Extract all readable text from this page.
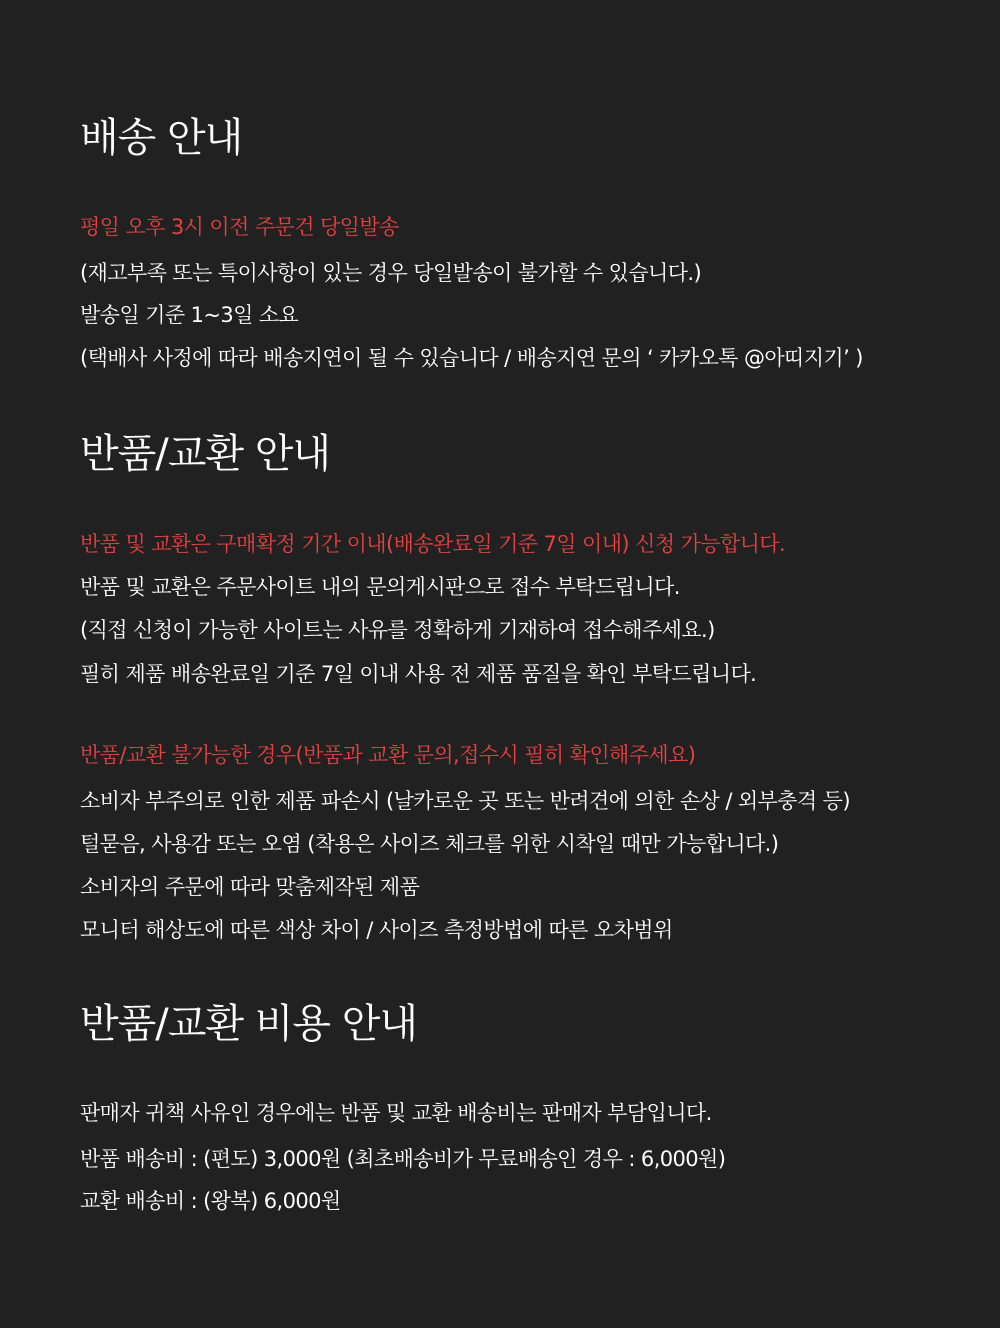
배송 안내

평일 오후 3시 이전 주문건 당일발송

(재고부족 또는 특이사항이 있는 경우 당일발송이 불가할 수 있습니다.)

발송일 기준 1~3일 소요

(택배사 사정에 따라 배송지연이 될 수 있습니다 / 배송지연 문의 ‘ 카카오톡 @아띠지기’ )

반품/교환 안내

반품 및 교환은 구매확정 기간 이내(배송완료일 기준 7일 이내) 신청 가능합니다.

반품 및 교환은 주문사이트 내의 문의게시판으로 접수 부탁드립니다.

(직접 신청이 가능한 사이트는 사유를 정확하게 기재하여 접수해주세요.)

필히 제품 배송완료일 기준 7일 이내 사용 전 제품 품질을 확인 부탁드립니다.

반품/교환 불가능한 경우(반품과 교환 문의,접수시 필히 확인해주세요)

소비자 부주의로 인한 제품 파손시 (날카로운 곳 또는 반려견에 의한 손상 / 외부충격 등)

털묻음, 사용감 또는 오염 (착용은 사이즈 체크를 위한 시착일 때만 가능합니다.)

소비자의 주문에 따라 맞춤제작된 제품

모니터 해상도에 따른 색상 차이 / 사이즈 측정방법에 따른 오차범위

반품/교환 비용 안내

판매자 귀책 사유인 경우에는 반품 및 교환 배송비는 판매자 부담입니다.

반품 배송비 : (편도) 3,000원 (최초배송비가 무료배송인 경우 : 6,000원)

교환 배송비 : (왕복) 6,000원
